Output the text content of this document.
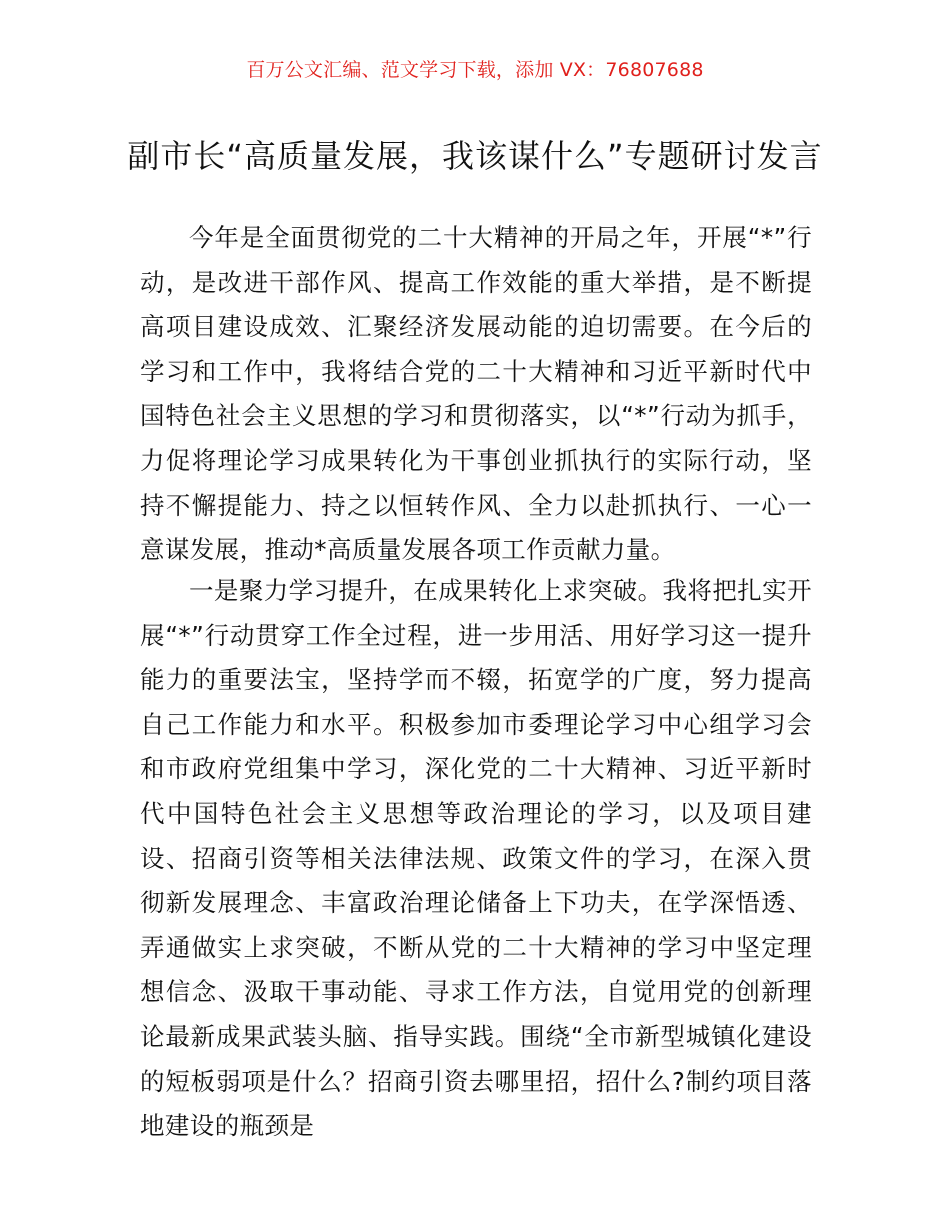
百万公文汇编、范文学习下载，添加 VX：76807688
副市长“高质量发展，我该谋什么”专题研讨发言

今年是全面贯彻党的二十大精神的开局之年，开展“*”行动，是改进干部作风、提高工作效能的重大举措，是不断提高项目建设成效、汇聚经济发展动能的迫切需要。在今后的学习和工作中，我将结合党的二十大精神和习近平新时代中国特色社会主义思想的学习和贯彻落实，以“*”行动为抓手，力促将理论学习成果转化为干事创业抓执行的实际行动，坚持不懈提能力、持之以恒转作风、全力以赴抓执行、一心一意谋发展，推动*高质量发展各项工作贡献力量。

一是聚力学习提升，在成果转化上求突破。我将把扎实开展“*”行动贯穿工作全过程，进一步用活、用好学习这一提升能力的重要法宝，坚持学而不辍，拓宽学的广度，努力提高自己工作能力和水平。积极参加市委理论学习中心组学习会和市政府党组集中学习，深化党的二十大精神、习近平新时代中国特色社会主义思想等政治理论的学习，以及项目建设、招商引资等相关法律法规、政策文件的学习，在深入贯彻新发展理念、丰富政治理论储备上下功夫，在学深悟透、弄通做实上求突破，不断从党的二十大精神的学习中坚定理想信念、汲取干事动能、寻求工作方法，自觉用党的创新理论最新成果武装头脑、指导实践。围绕“全市新型城镇化建设的短板弱项是什么？招商引资去哪里招，招什么?制约项目落地建设的瓶颈是
